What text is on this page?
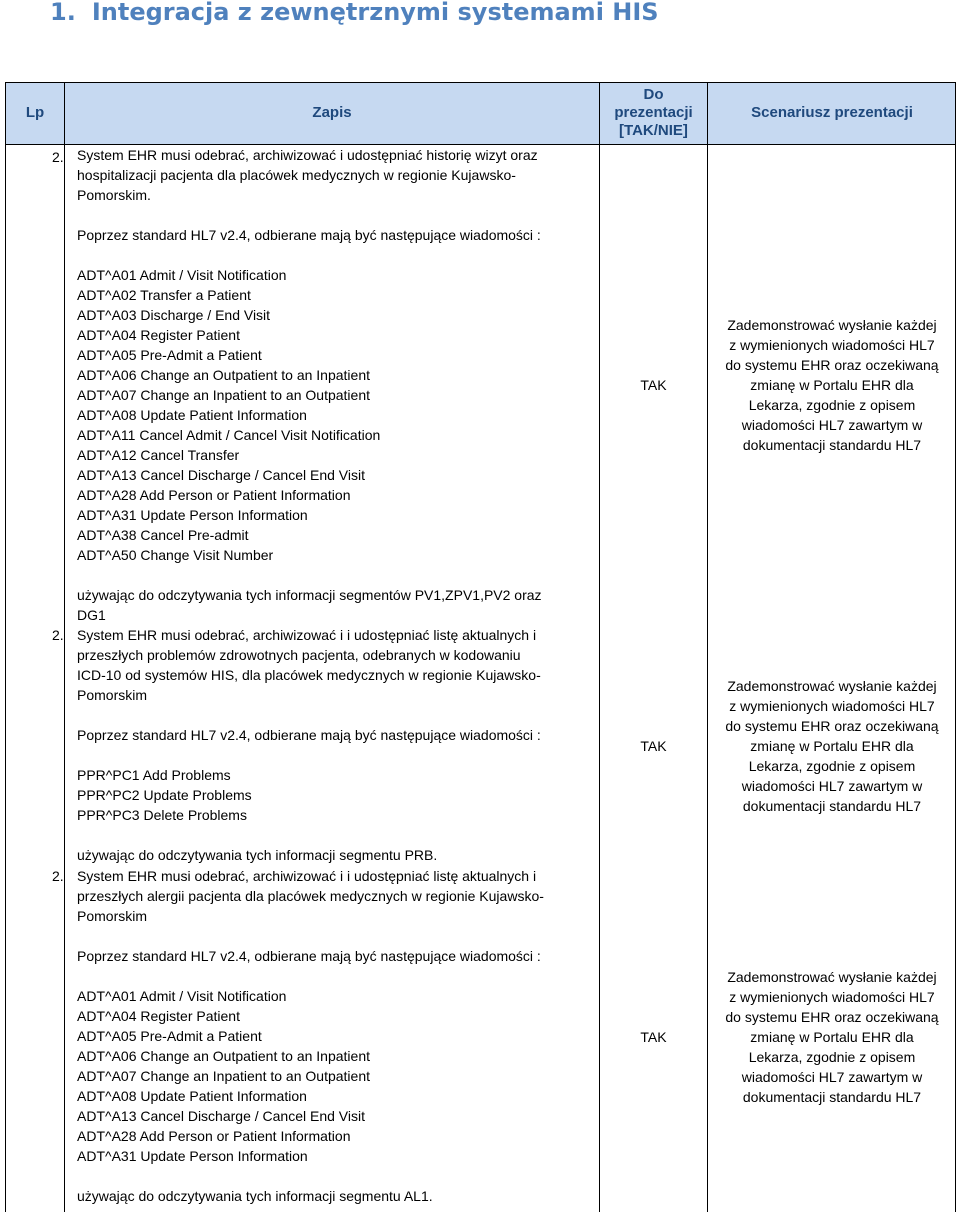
1. Integracja z zewnętrznymi systemami HIS
Lp	Zapis
Do
prezentacji
[TAK/NIE]
Scenariusz prezentacji
2. System EHR musi odebrać, archiwizować i udostępniać historię wizyt oraz
hospitalizacji pacjenta dla placówek medycznych w regionie Kujawsko-
Pomorskim.
Poprzez standard HL7 v2.4, odbierane mają być następujące wiadomości :
ADT^A01 Admit / Visit Notification
ADT^A02 Transfer a Patient
ADT^A03 Discharge / End Visit
ADT^A04 Register Patient
ADT^A05 Pre-Admit a Patient
ADT^A06 Change an Outpatient to an Inpatient
ADT^A07 Change an Inpatient to an Outpatient
ADT^A08 Update Patient Information
ADT^A11 Cancel Admit / Cancel Visit Notification
ADT^A12 Cancel Transfer
ADT^A13 Cancel Discharge / Cancel End Visit
ADT^A28 Add Person or Patient Information
ADT^A31 Update Person Information
ADT^A38 Cancel Pre-admit
ADT^A50 Change Visit Number
używając do odczytywania tych informacji segmentów PV1,ZPV1,PV2 oraz
DG1
TAK
Zademonstrować wysłanie każdej
z wymienionych wiadomości HL7
do systemu EHR oraz oczekiwaną
zmianę w Portalu EHR dla
Lekarza, zgodnie z opisem
wiadomości HL7 zawartym w
dokumentacji standardu HL7
2. System EHR musi odebrać, archiwizować i i udostępniać listę aktualnych i
przeszłych problemów zdrowotnych pacjenta, odebranych w kodowaniu
ICD-10 od systemów HIS, dla placówek medycznych w regionie Kujawsko-
Pomorskim
Poprzez standard HL7 v2.4, odbierane mają być następujące wiadomości :
PPR^PC1 Add Problems
PPR^PC2 Update Problems
PPR^PC3 Delete Problems
używając do odczytywania tych informacji segmentu PRB.
TAK
Zademonstrować wysłanie każdej
z wymienionych wiadomości HL7
do systemu EHR oraz oczekiwaną
zmianę w Portalu EHR dla
Lekarza, zgodnie z opisem
wiadomości HL7 zawartym w
dokumentacji standardu HL7
2. System EHR musi odebrać, archiwizować i i udostępniać listę aktualnych i
przeszłych alergii pacjenta dla placówek medycznych w regionie Kujawsko-
Pomorskim
Poprzez standard HL7 v2.4, odbierane mają być następujące wiadomości :
ADT^A01 Admit / Visit Notification
ADT^A04 Register Patient
ADT^A05 Pre-Admit a Patient
ADT^A06 Change an Outpatient to an Inpatient
ADT^A07 Change an Inpatient to an Outpatient
ADT^A08 Update Patient Information
ADT^A13 Cancel Discharge / Cancel End Visit
ADT^A28 Add Person or Patient Information
ADT^A31 Update Person Information
używając do odczytywania tych informacji segmentu AL1.
TAK
Zademonstrować wysłanie każdej
z wymienionych wiadomości HL7
do systemu EHR oraz oczekiwaną
zmianę w Portalu EHR dla
Lekarza, zgodnie z opisem
wiadomości HL7 zawartym w
dokumentacji standardu HL7
